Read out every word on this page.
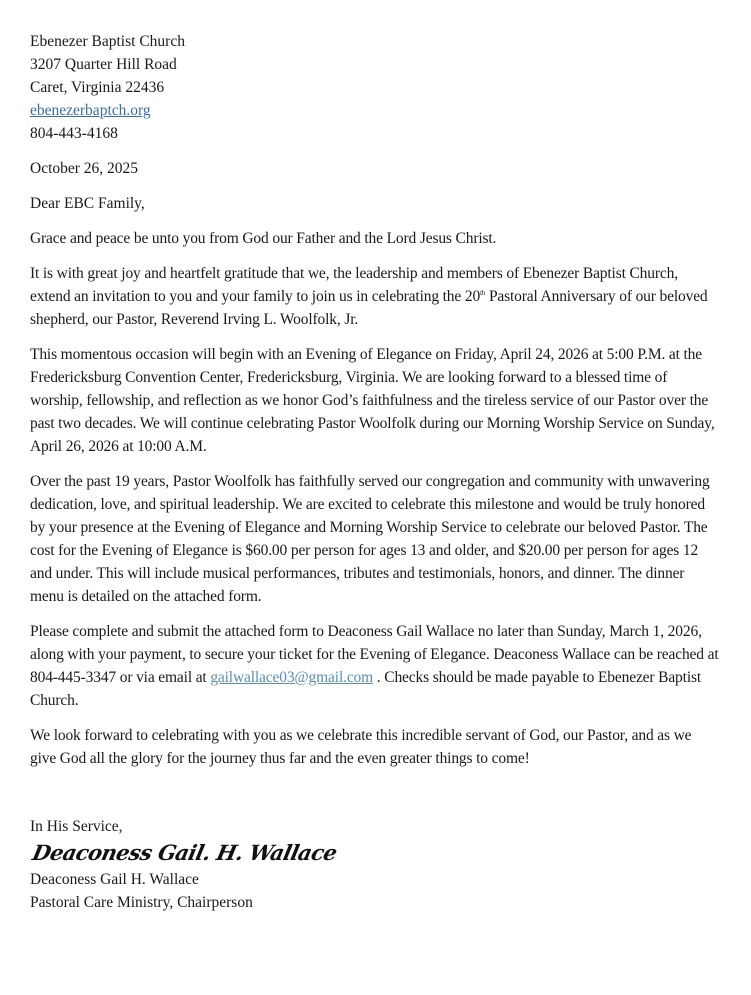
Ebenezer Baptist Church
3207 Quarter Hill Road
Caret, Virginia 22436
ebenezerbaptch.org
804-443-4168

October 26, 2025

Dear EBC Family,

Grace and peace be unto you from God our Father and the Lord Jesus Christ.

It is with great joy and heartfelt gratitude that we, the leadership and members of Ebenezer Baptist Church, extend an invitation to you and your family to join us in celebrating the 20th Pastoral Anniversary of our beloved shepherd, our Pastor, Reverend Irving L. Woolfolk, Jr.

This momentous occasion will begin with an Evening of Elegance on Friday, April 24, 2026 at 5:00 P.M. at the Fredericksburg Convention Center, Fredericksburg, Virginia. We are looking forward to a blessed time of worship, fellowship, and reflection as we honor God’s faithfulness and the tireless service of our Pastor over the past two decades. We will continue celebrating Pastor Woolfolk during our Morning Worship Service on Sunday, April 26, 2026 at 10:00 A.M.

Over the past 19 years, Pastor Woolfolk has faithfully served our congregation and community with unwavering dedication, love, and spiritual leadership. We are excited to celebrate this milestone and would be truly honored by your presence at the Evening of Elegance and Morning Worship Service to celebrate our beloved Pastor. The cost for the Evening of Elegance is $60.00 per person for ages 13 and older, and $20.00 per person for ages 12 and under. This will include musical performances, tributes and testimonials, honors, and dinner. The dinner menu is detailed on the attached form.

Please complete and submit the attached form to Deaconess Gail Wallace no later than Sunday, March 1, 2026, along with your payment, to secure your ticket for the Evening of Elegance. Deaconess Wallace can be reached at 804-445-3347 or via email at gailwallace03@gmail.com . Checks should be made payable to Ebenezer Baptist Church.

We look forward to celebrating with you as we celebrate this incredible servant of God, our Pastor, and as we give God all the glory for the journey thus far and the even greater things to come!

In His Service,
Deaconess Gail. H. Wallace
Deaconess Gail H. Wallace
Pastoral Care Ministry, Chairperson
